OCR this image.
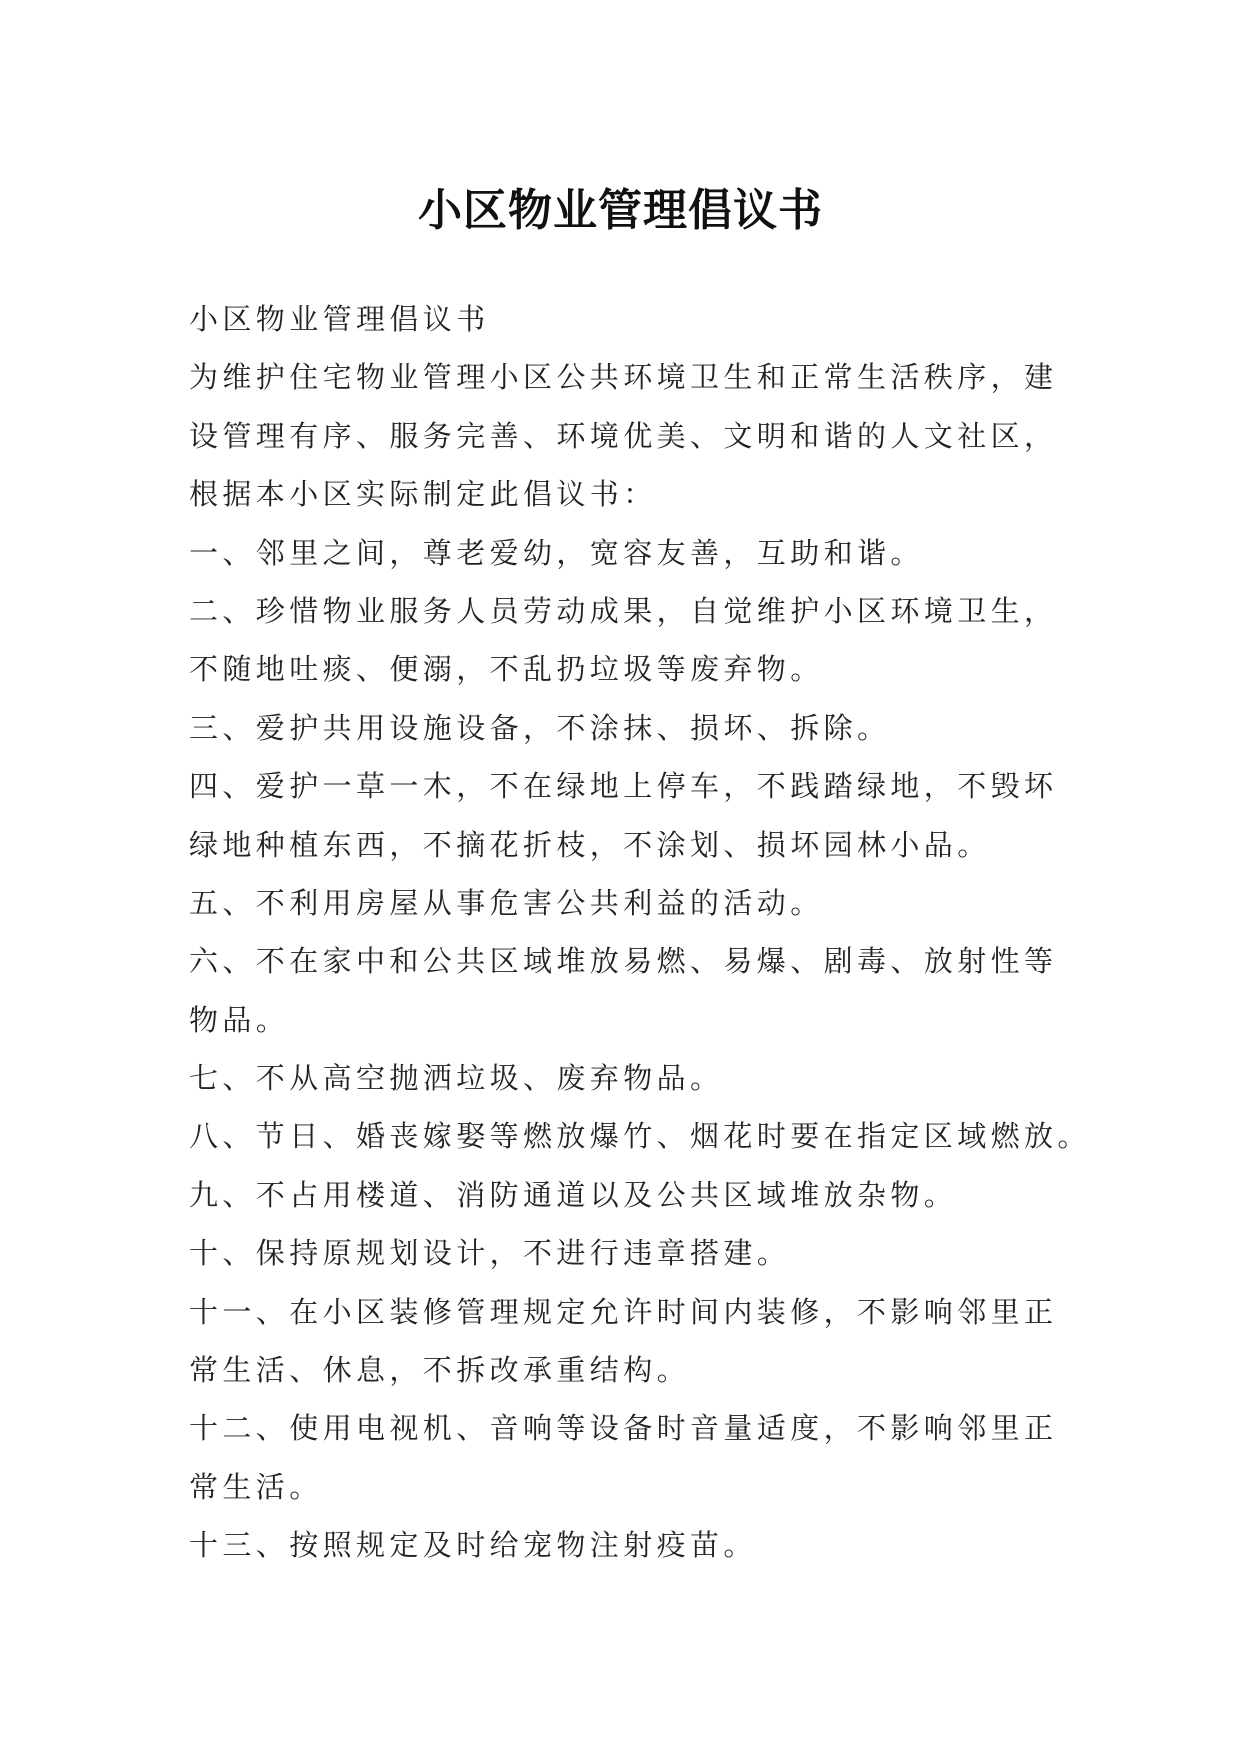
小区物业管理倡议书

小区物业管理倡议书

为维护住宅物业管理小区公共环境卫生和正常生活秩序，建

设管理有序、服务完善、环境优美、文明和谐的人文社区，

根据本小区实际制定此倡议书：

一、邻里之间，尊老爱幼，宽容友善，互助和谐。

二、珍惜物业服务人员劳动成果，自觉维护小区环境卫生，

不随地吐痰、便溺，不乱扔垃圾等废弃物。

三、爱护共用设施设备，不涂抹、损坏、拆除。

四、爱护一草一木，不在绿地上停车，不践踏绿地，不毁坏

绿地种植东西，不摘花折枝，不涂划、损坏园林小品。

五、不利用房屋从事危害公共利益的活动。

六、不在家中和公共区域堆放易燃、易爆、剧毒、放射性等

物品。

七、不从高空抛洒垃圾、废弃物品。

八、节日、婚丧嫁娶等燃放爆竹、烟花时要在指定区域燃放。

九、不占用楼道、消防通道以及公共区域堆放杂物。

十、保持原规划设计，不进行违章搭建。

十一、在小区装修管理规定允许时间内装修，不影响邻里正

常生活、休息，不拆改承重结构。

十二、使用电视机、音响等设备时音量适度，不影响邻里正

常生活。

十三、按照规定及时给宠物注射疫苗。
